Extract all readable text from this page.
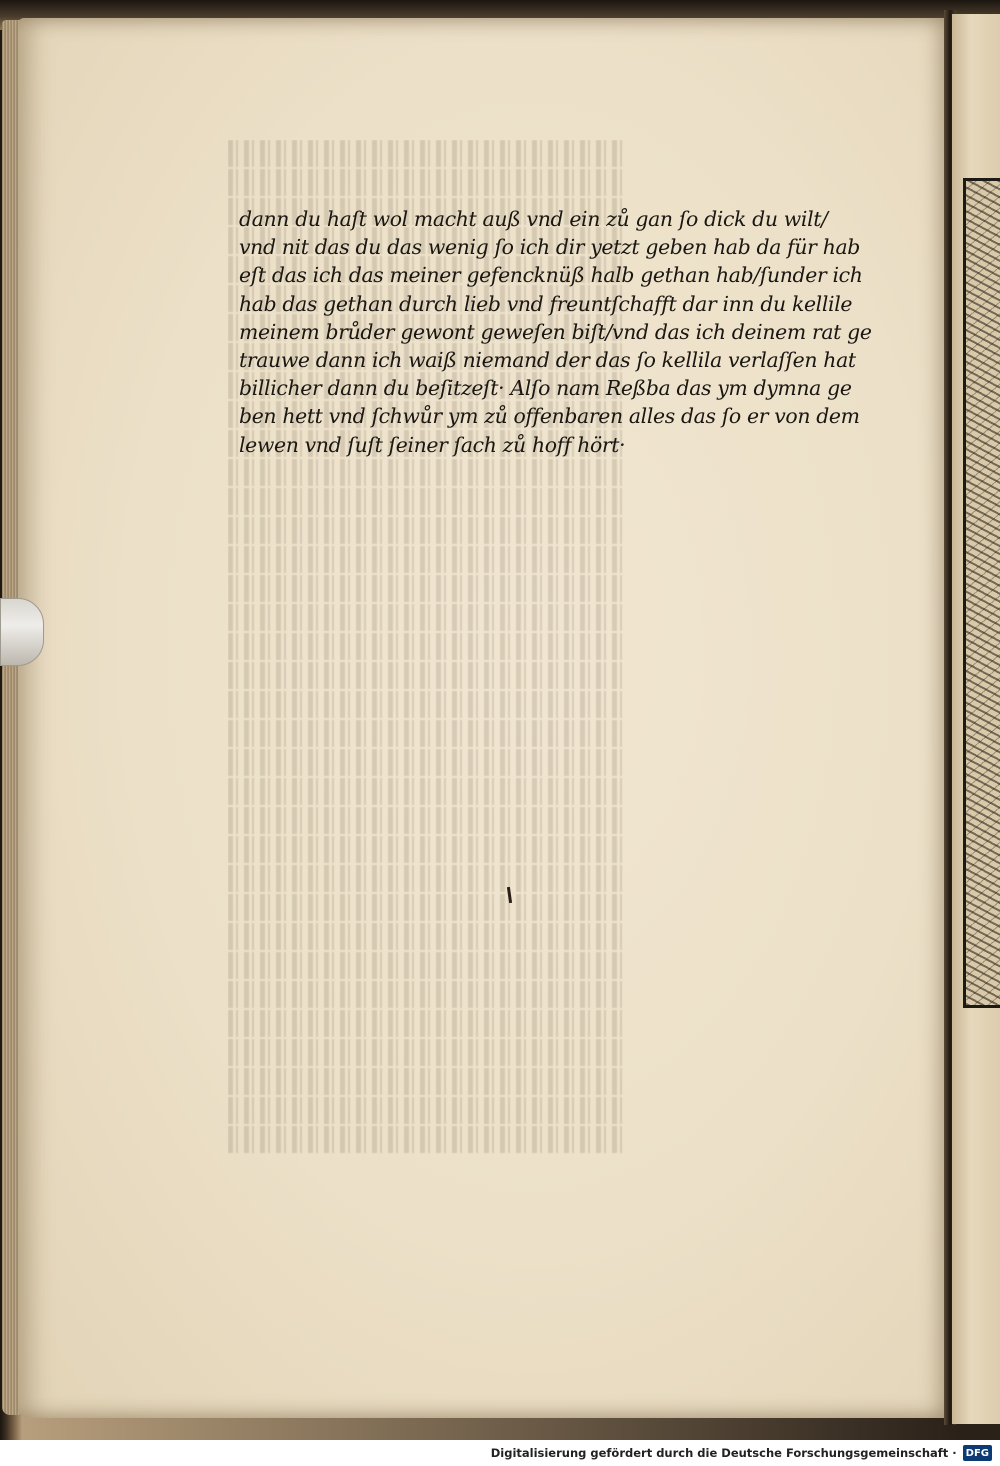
dann du haſt wol macht auß vnd ein zů gan ſo dick du wilt/
vnd nit das du das wenig ſo ich dir yetzt geben hab da für hab
eſt das ich das meiner gefencknüß halb gethan hab/ſunder ich
hab das gethan durch lieb vnd freuntſchafft dar inn du kellile
meinem brůder gewont geweſen biſt/vnd das ich deinem rat ge
trauwe dann ich waiß niemand der das ſo kellila verlaſſen hat
billicher dann du beſitzeſt· Alſo nam Reßba das ym dymna ge
ben hett vnd ſchwůr ym zů offenbaren alles das ſo er von dem
lewen vnd ſuſt ſeiner ſach zů hoff hört·
Digitalisierung gefördert durch die Deutsche Forschungsgemeinschaft · DFG
